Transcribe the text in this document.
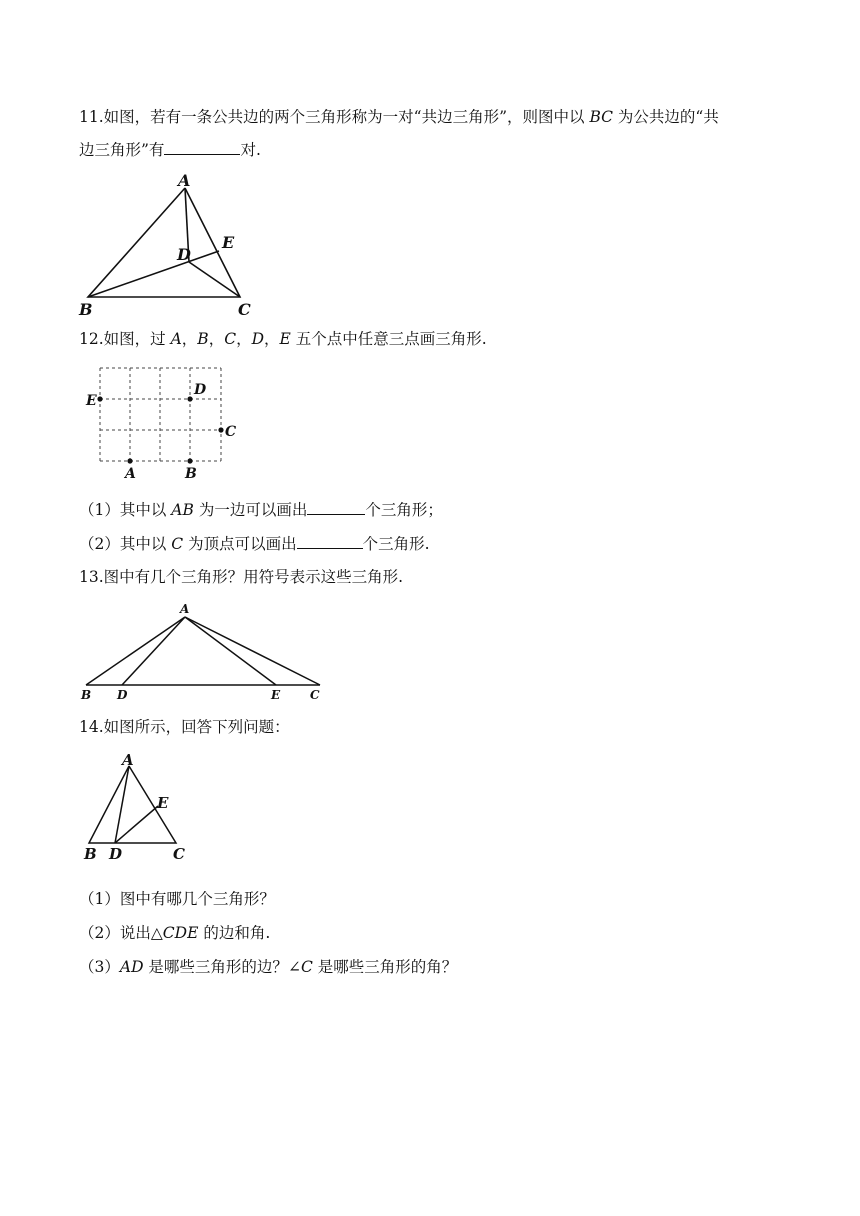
11.如图，若有一条公共边的两个三角形称为一对“共边三角形”，则图中以 BC 为公共边的“共
边三角形”有	对.
A
B	C
D
E
12.如图，过 A，B，C，D，E 五个点中任意三点画三角形.
E
D
C
A	B
（1）其中以 AB 为一边可以画出	个三角形；
（2）其中以 C 为顶点可以画出	个三角形.
13.图中有几个三角形？用符号表示这些三角形.
A
B D	E C
14.如图所示，回答下列问题：
A
B D	C
E
（1）图中有哪几个三角形？
（2）说出△CDE 的边和角.
（3）AD 是哪些三角形的边？∠C 是哪些三角形的角？
